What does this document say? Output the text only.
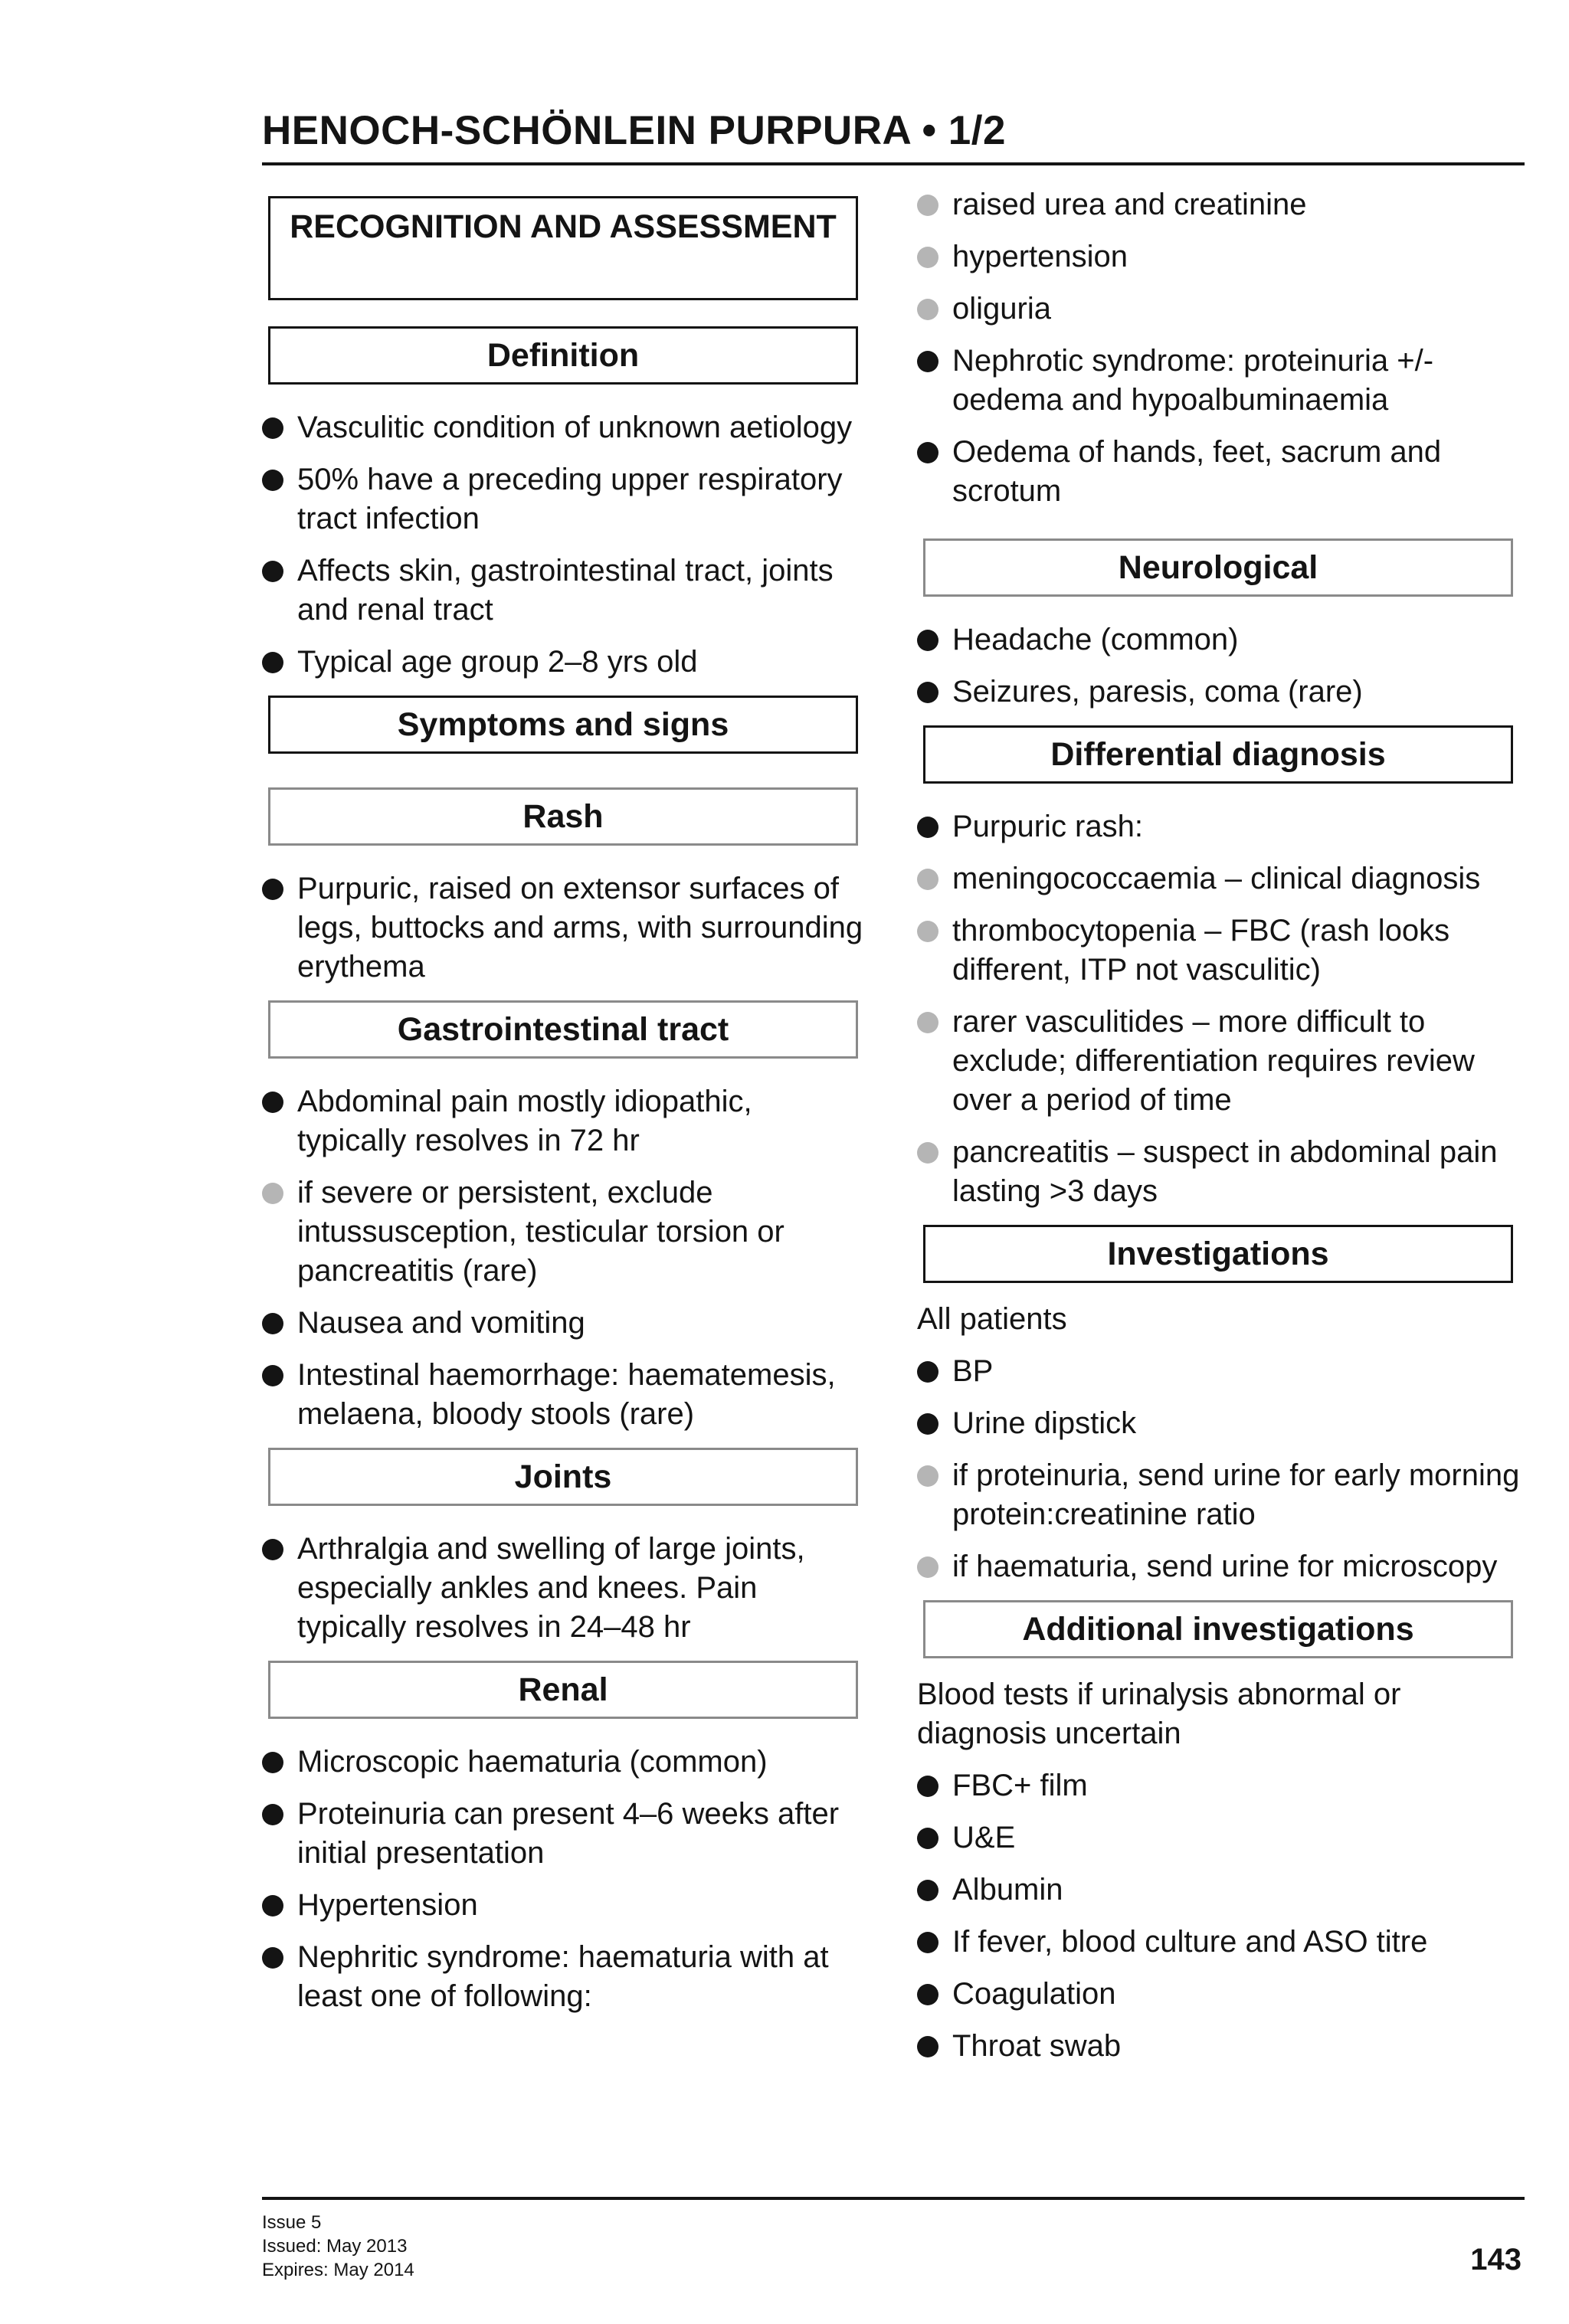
HENOCH-SCHÖNLEIN PURPURA • 1/2
RECOGNITION AND ASSESSMENT
Definition
Vasculitic condition of unknown aetiology
50% have a preceding upper respiratory tract infection
Affects skin, gastrointestinal tract, joints and renal tract
Typical age group 2–8 yrs old
Symptoms and signs
Rash
Purpuric, raised on extensor surfaces of legs, buttocks and arms, with surrounding erythema
Gastrointestinal tract
Abdominal pain mostly idiopathic, typically resolves in 72 hr
if severe or persistent, exclude intussusception, testicular torsion or pancreatitis (rare)
Nausea and vomiting
Intestinal haemorrhage: haematemesis, melaena, bloody stools (rare)
Joints
Arthralgia and swelling of large joints, especially ankles and knees. Pain typically resolves in 24–48 hr
Renal
Microscopic haematuria (common)
Proteinuria can present 4–6 weeks after initial presentation
Hypertension
Nephritic syndrome: haematuria with at least one of following:
raised urea and creatinine
hypertension
oliguria
Nephrotic syndrome: proteinuria +/- oedema and hypoalbuminaemia
Oedema of hands, feet, sacrum and scrotum
Neurological
Headache (common)
Seizures, paresis, coma (rare)
Differential diagnosis
Purpuric rash:
meningococcaemia – clinical diagnosis
thrombocytopenia – FBC (rash looks different, ITP not vasculitic)
rarer vasculitides – more difficult to exclude; differentiation requires review over a period of time
pancreatitis – suspect in abdominal pain lasting >3 days
Investigations
All patients
BP
Urine dipstick
if proteinuria, send urine for early morning protein:creatinine ratio
if haematuria, send urine for microscopy
Additional investigations
Blood tests if urinalysis abnormal or diagnosis uncertain
FBC+ film
U&E
Albumin
If fever, blood culture and ASO titre
Coagulation
Throat swab
Issue 5
Issued: May 2013
Expires: May 2014	143
